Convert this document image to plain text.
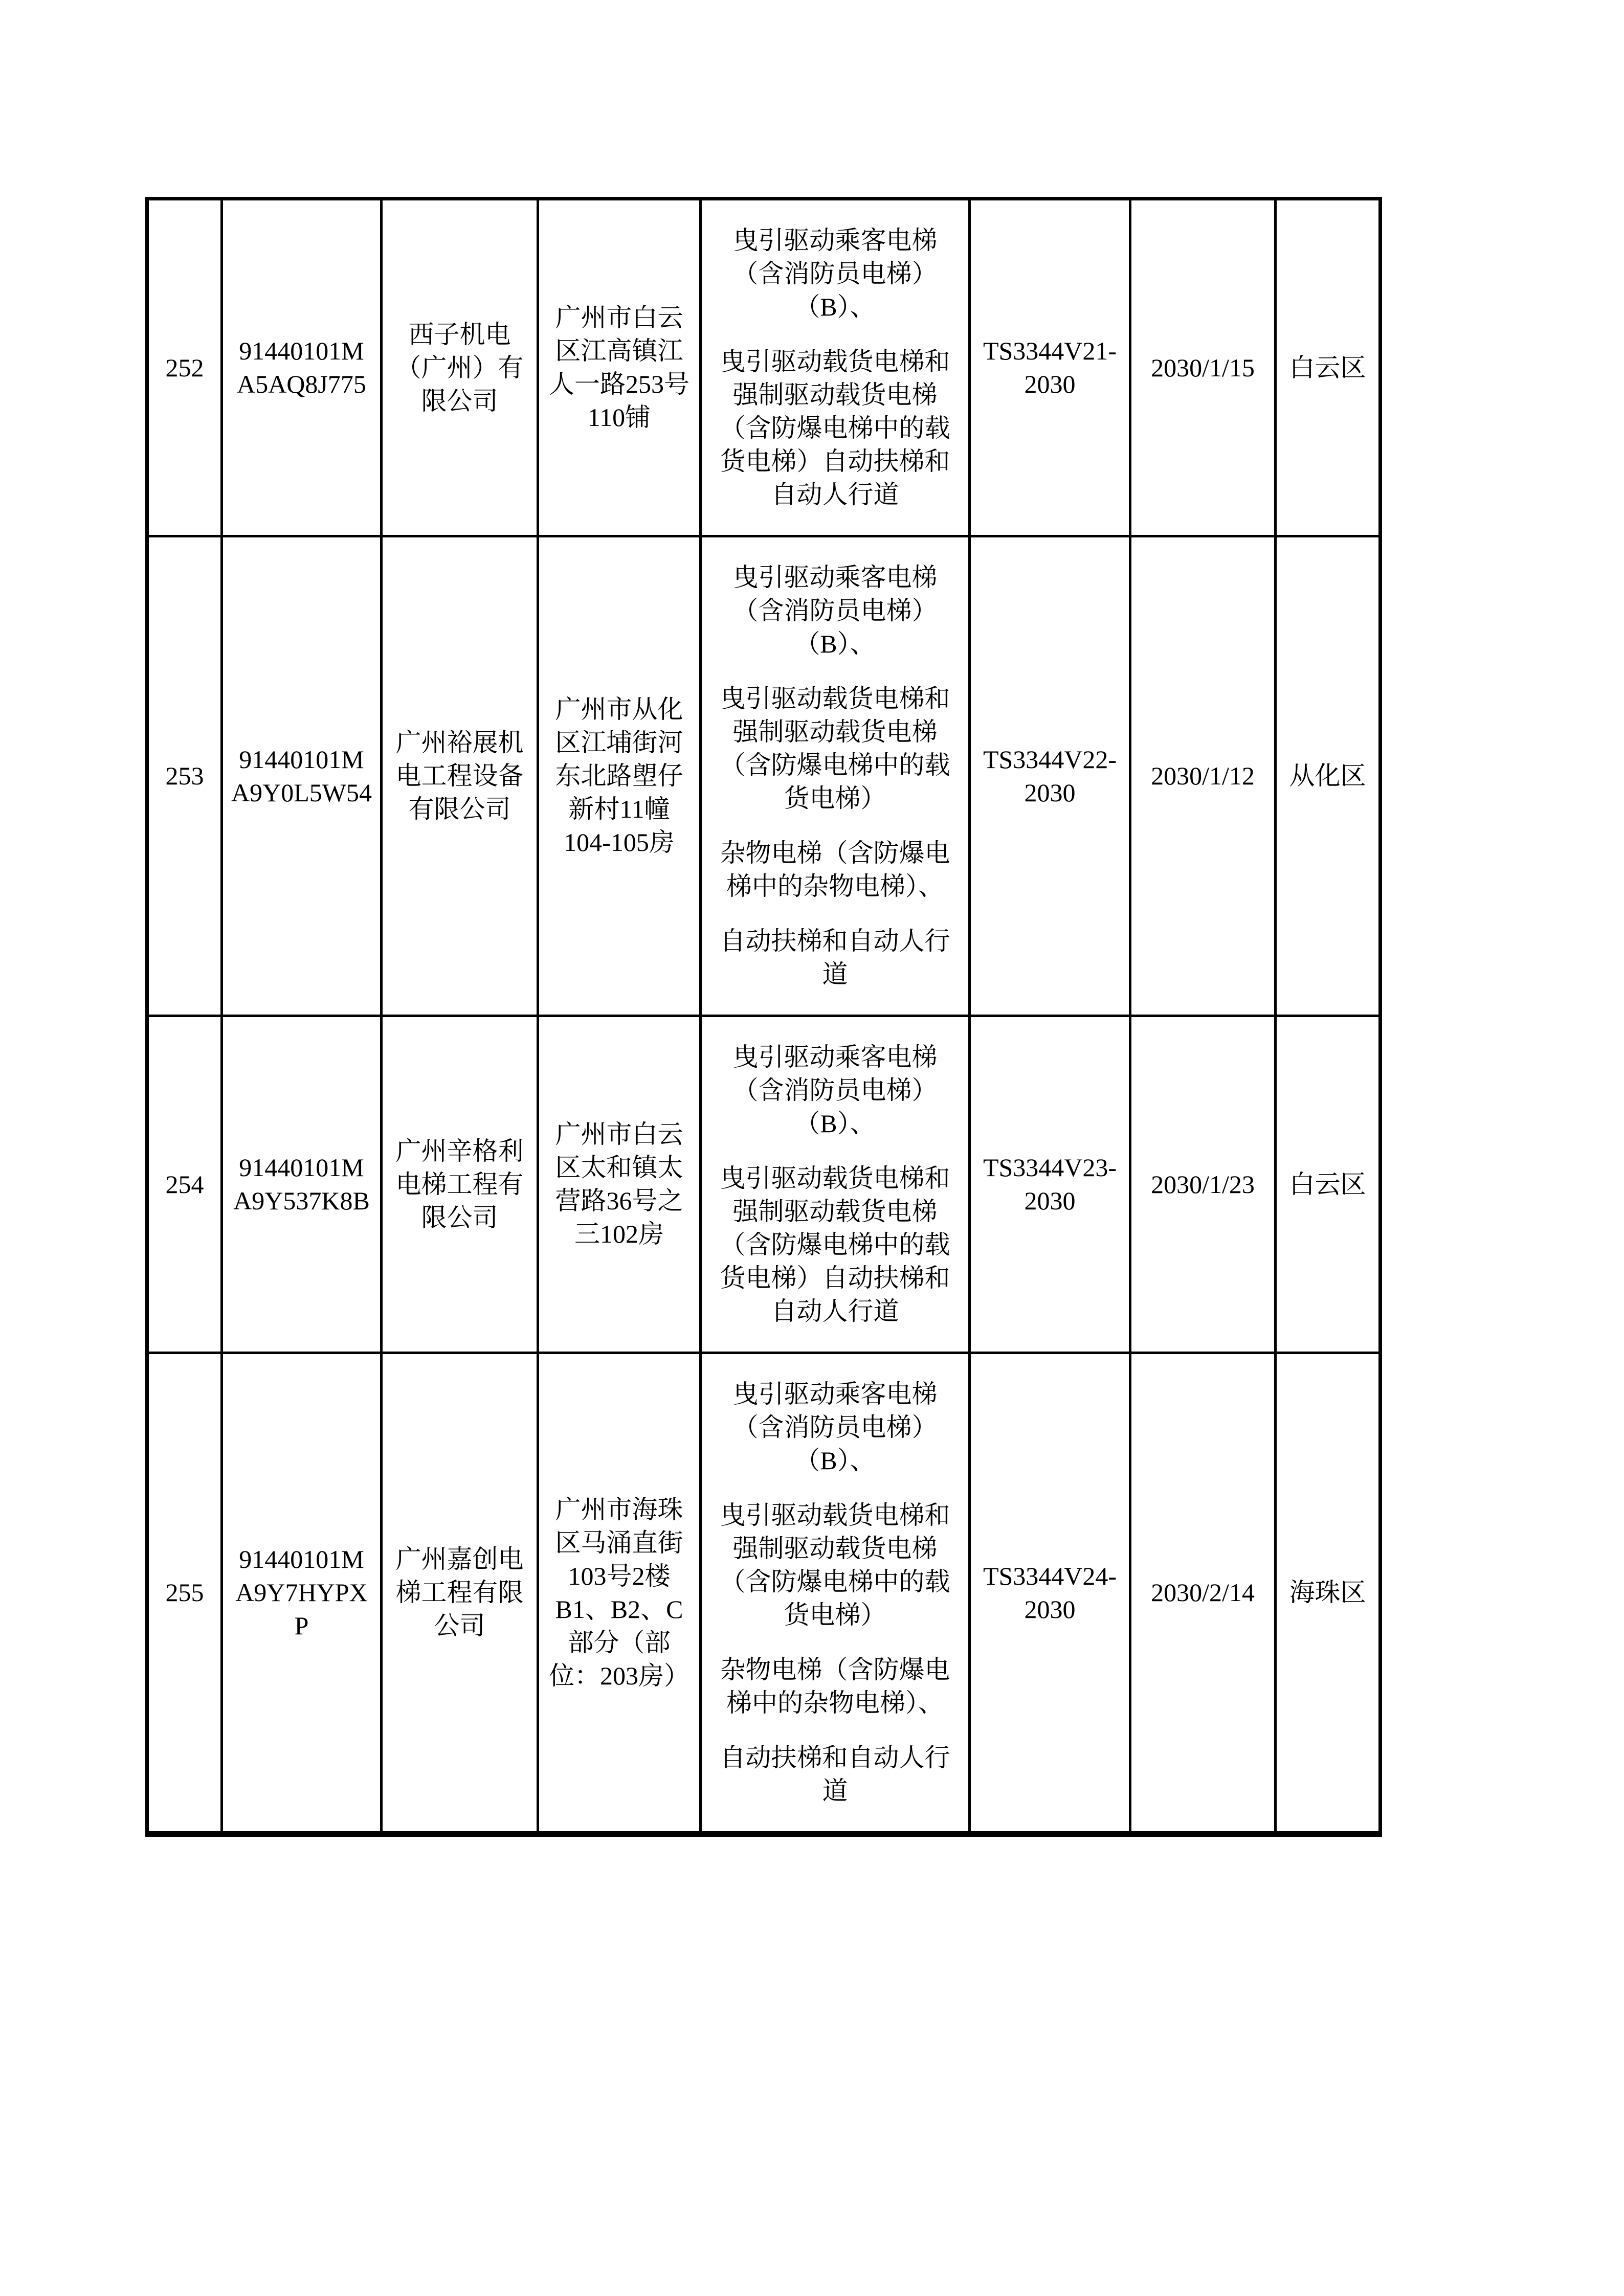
252	91440101MA5AQ8J775	西子机电（广州）有限公司	广州市白云区江高镇江人一路253号110铺	曳引驱动乘客电梯（含消防员电梯）（B）、

曳引驱动载货电梯和强制驱动载货电梯（含防爆电梯中的载货电梯）自动扶梯和自动人行道	TS3344V21-2030	2030/1/15	白云区
253	91440101MA9Y0L5W54	广州裕展机电工程设备有限公司	广州市从化区江埔街河东北路塱仔新村11幢104-105房	曳引驱动乘客电梯（含消防员电梯）（B）、

曳引驱动载货电梯和强制驱动载货电梯（含防爆电梯中的载货电梯）

杂物电梯（含防爆电梯中的杂物电梯）、

自动扶梯和自动人行道	TS3344V22-2030	2030/1/12	从化区
254	91440101MA9Y537K8B	广州辛格利电梯工程有限公司	广州市白云区太和镇太营路36号之三102房	曳引驱动乘客电梯（含消防员电梯）（B）、

曳引驱动载货电梯和强制驱动载货电梯（含防爆电梯中的载货电梯）自动扶梯和自动人行道	TS3344V23-2030	2030/1/23	白云区
255	91440101MA9Y7HYPXP	广州嘉创电梯工程有限公司	广州市海珠区马涌直街103号2楼B1、B2、C部分（部位：203房）	曳引驱动乘客电梯（含消防员电梯）（B）、

曳引驱动载货电梯和强制驱动载货电梯（含防爆电梯中的载货电梯）

杂物电梯（含防爆电梯中的杂物电梯）、

自动扶梯和自动人行道	TS3344V24-2030	2030/2/14	海珠区
